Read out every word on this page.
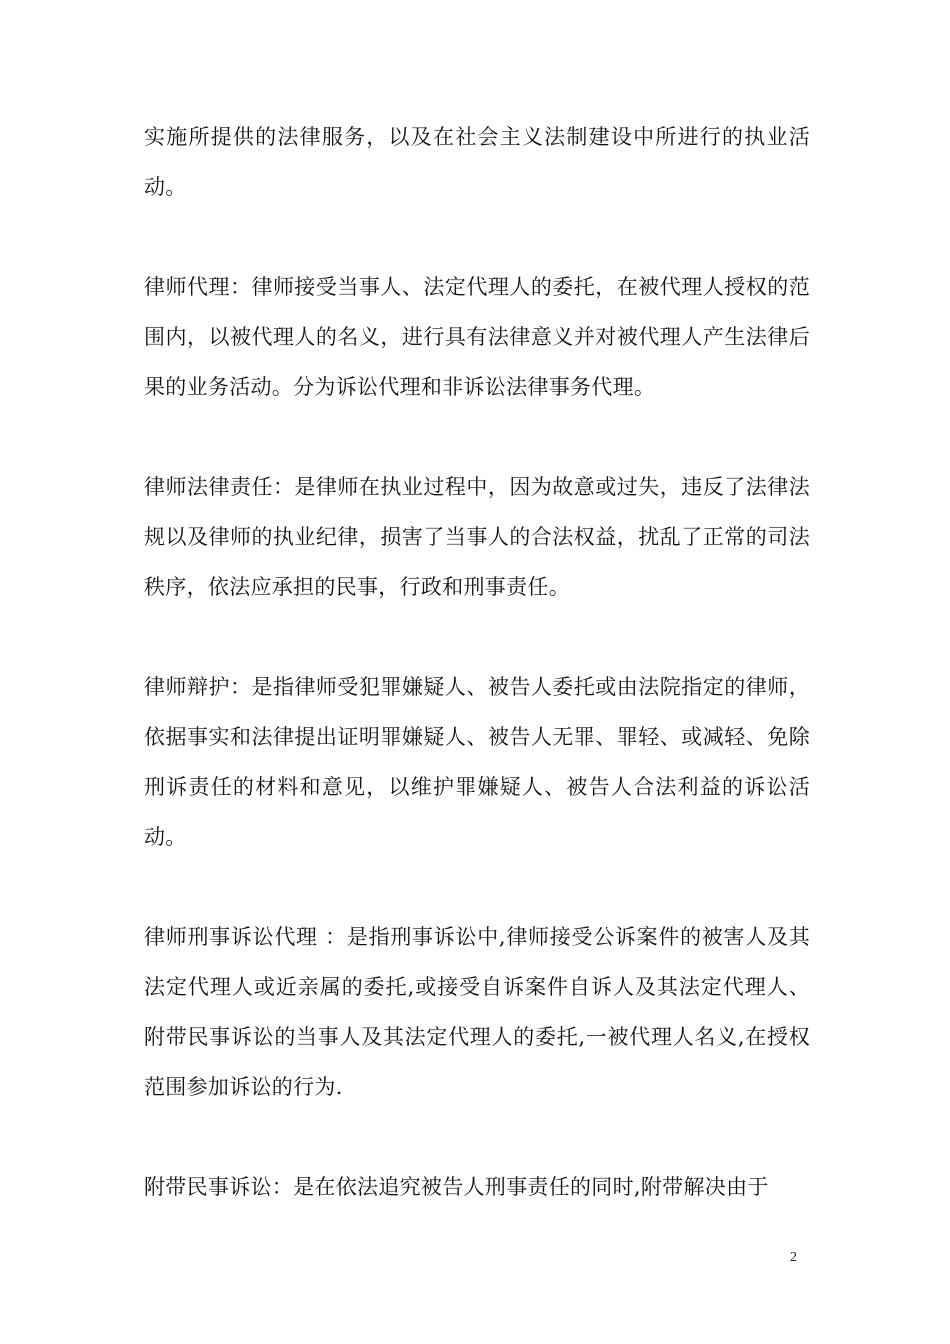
实施所提供的法律服务，以及在社会主义法制建设中所进行的执业活动。

律师代理：律师接受当事人、法定代理人的委托，在被代理人授权的范围内，以被代理人的名义，进行具有法律意义并对被代理人产生法律后果的业务活动。分为诉讼代理和非诉讼法律事务代理。

律师法律责任：是律师在执业过程中，因为故意或过失，违反了法律法规以及律师的执业纪律，损害了当事人的合法权益，扰乱了正常的司法秩序，依法应承担的民事，行政和刑事责任。

律师辩护：是指律师受犯罪嫌疑人、被告人委托或由法院指定的律师，依据事实和法律提出证明罪嫌疑人、被告人无罪、罪轻、或减轻、免除刑诉责任的材料和意见，以维护罪嫌疑人、被告人合法利益的诉讼活动。

律师刑事诉讼代理 ：是指刑事诉讼中,律师接受公诉案件的被害人及其法定代理人或近亲属的委托,或接受自诉案件自诉人及其法定代理人、附带民事诉讼的当事人及其法定代理人的委托,一被代理人名义,在授权范围参加诉讼的行为.

附带民事诉讼：是在依法追究被告人刑事责任的同时,附带解决由于

2
